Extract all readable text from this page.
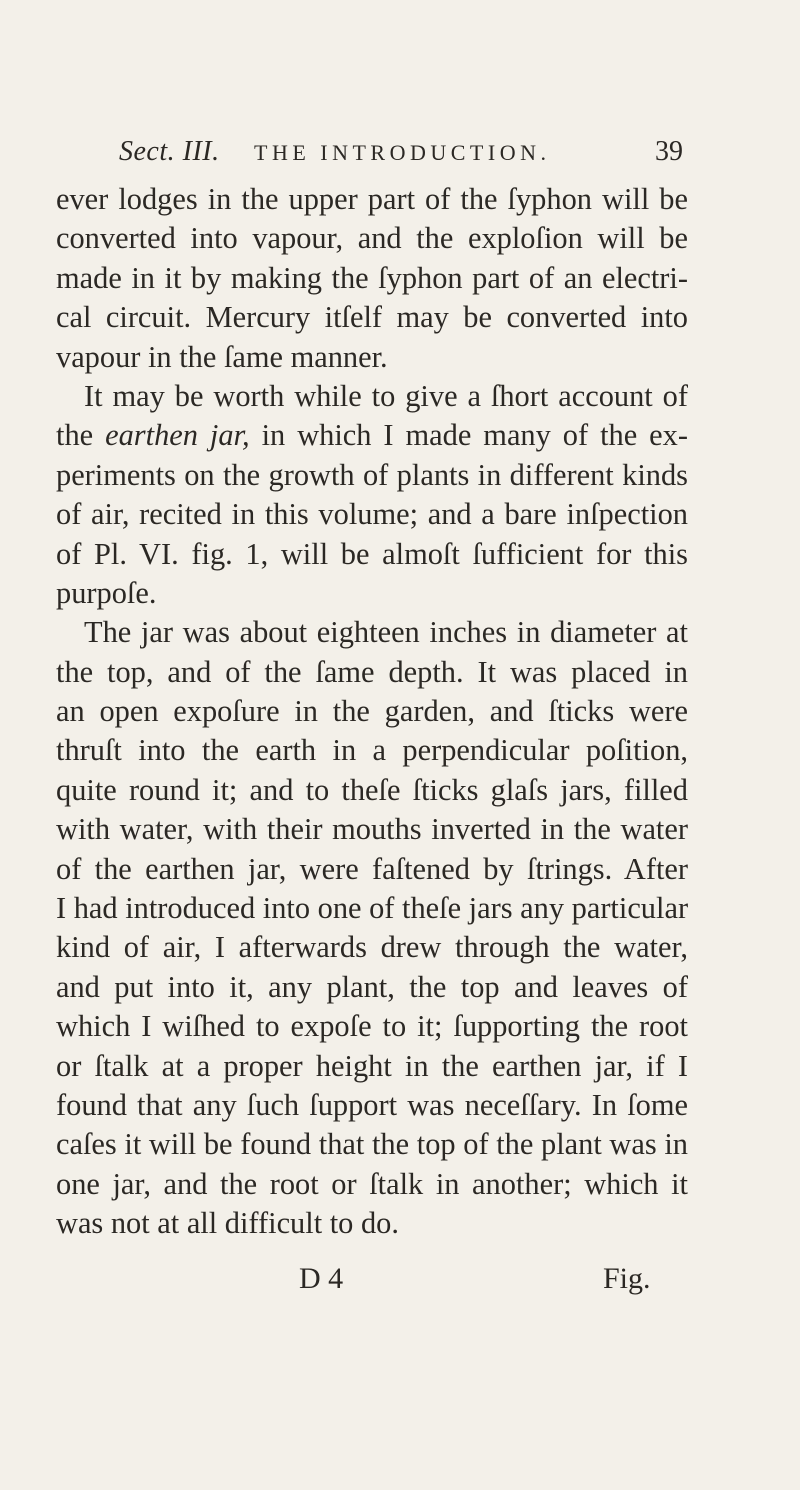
Sect. III. THE INTRODUCTION.	39
ever lodges in the upper part of the ſyphon will be
converted into vapour, and the exploſion will be
made in it by making the ſyphon part of an electri-
cal circuit. Mercury itſelf may be converted into
vapour in the ſame manner.
It may be worth while to give a ſhort account of
the earthen jar, in which I made many of the ex-
periments on the growth of plants in different kinds
of air, recited in this volume; and a bare inſpection
of Pl. VI. fig. 1, will be almoſt ſufficient for this
purpoſe.
The jar was about eighteen inches in diameter at
the top, and of the ſame depth. It was placed in
an open expoſure in the garden, and ſticks were
thruſt into the earth in a perpendicular poſition,
quite round it; and to theſe ſticks glaſs jars, filled
with water, with their mouths inverted in the water
of the earthen jar, were faſtened by ſtrings. After
I had introduced into one of theſe jars any particular
kind of air, I afterwards drew through the water,
and put into it, any plant, the top and leaves of
which I wiſhed to expoſe to it; ſupporting the root
or ſtalk at a proper height in the earthen jar, if I
found that any ſuch ſupport was neceſſary. In ſome
caſes it will be found that the top of the plant was in
one jar, and the root or ſtalk in another; which it
was not at all difficult to do.
D 4	Fig.
